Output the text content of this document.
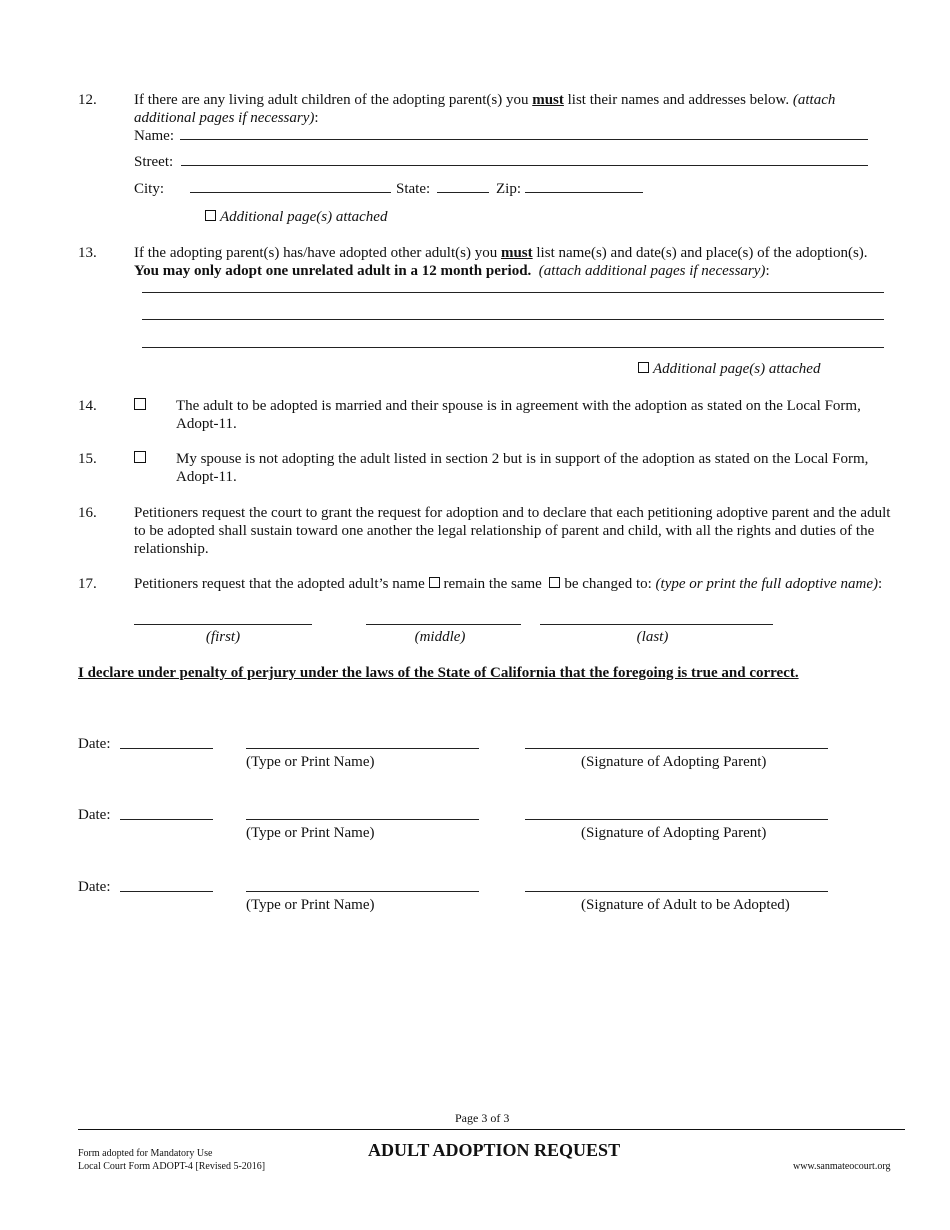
12. If there are any living adult children of the adopting parent(s) you must list their names and addresses below. (attach additional pages if necessary):
Name:
Street:
City:	State:	Zip:
Additional page(s) attached
13. If the adopting parent(s) has/have adopted other adult(s) you must list name(s) and date(s) and place(s) of the adoption(s).
You may only adopt one unrelated adult in a 12 month period. (attach additional pages if necessary):
Additional page(s) attached
14.	The adult to be adopted is married and their spouse is in agreement with the adoption as stated on the Local Form, Adopt-11.
15.	My spouse is not adopting the adult listed in section 2 but is in support of the adoption as stated on the Local Form, Adopt-11.
16. Petitioners request the court to grant the request for adoption and to declare that each petitioning adoptive parent and the adult to be adopted shall sustain toward one another the legal relationship of parent and child, with all the rights and duties of the relationship.
17. Petitioners request that the adopted adult’s name remain the same be changed to: (type or print the full adoptive name):
(first)	(middle)	(last)
I declare under penalty of perjury under the laws of the State of California that the foregoing is true and correct.
Date:
(Type or Print Name)	(Signature of Adopting Parent)
Date:
(Type or Print Name)	(Signature of Adopting Parent)
Date:
(Type or Print Name)	(Signature of Adult to be Adopted)
Page 3 of 3
Form adopted for Mandatory Use
Local Court Form ADOPT-4 [Revised 5-2016]
ADULT ADOPTION REQUEST
www.sanmateocourt.org
